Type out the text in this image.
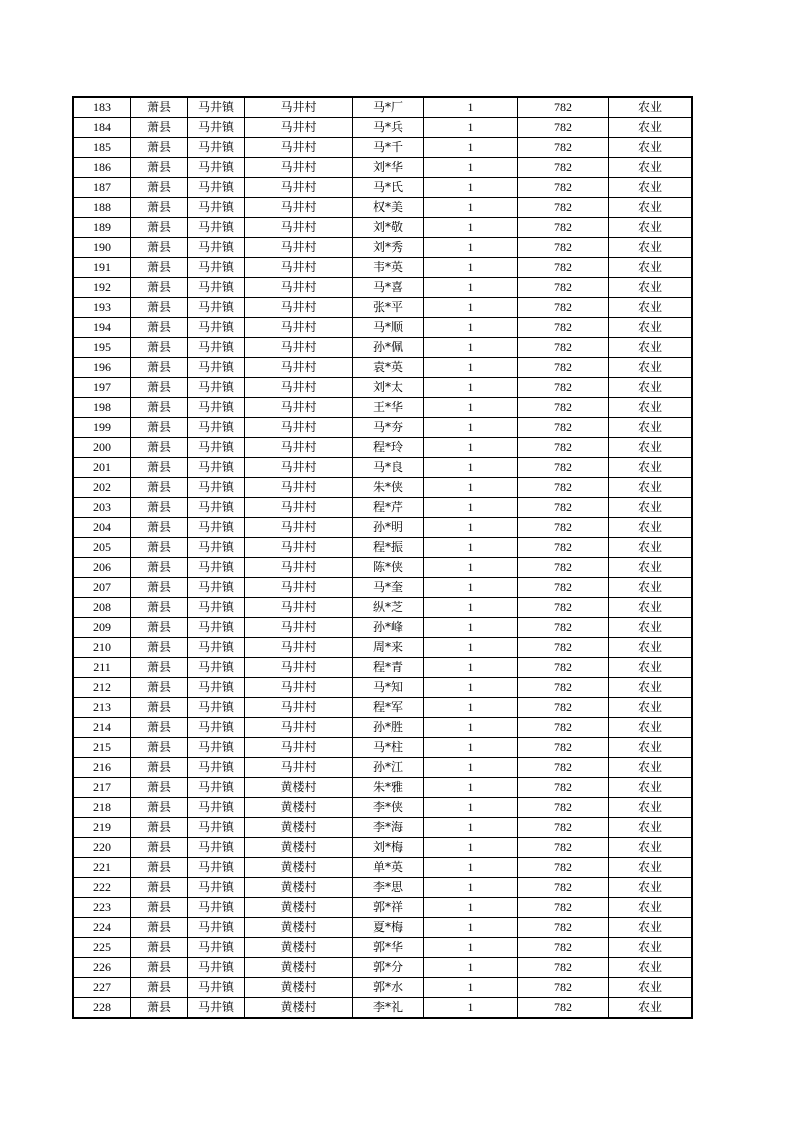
183	萧县	马井镇	马井村	马*厂	1	782	农业
184	萧县	马井镇	马井村	马*兵	1	782	农业
185	萧县	马井镇	马井村	马*千	1	782	农业
186	萧县	马井镇	马井村	刘*华	1	782	农业
187	萧县	马井镇	马井村	马*氏	1	782	农业
188	萧县	马井镇	马井村	权*美	1	782	农业
189	萧县	马井镇	马井村	刘*敬	1	782	农业
190	萧县	马井镇	马井村	刘*秀	1	782	农业
191	萧县	马井镇	马井村	韦*英	1	782	农业
192	萧县	马井镇	马井村	马*喜	1	782	农业
193	萧县	马井镇	马井村	张*平	1	782	农业
194	萧县	马井镇	马井村	马*顺	1	782	农业
195	萧县	马井镇	马井村	孙*佩	1	782	农业
196	萧县	马井镇	马井村	袁*英	1	782	农业
197	萧县	马井镇	马井村	刘*太	1	782	农业
198	萧县	马井镇	马井村	王*华	1	782	农业
199	萧县	马井镇	马井村	马*夯	1	782	农业
200	萧县	马井镇	马井村	程*玲	1	782	农业
201	萧县	马井镇	马井村	马*良	1	782	农业
202	萧县	马井镇	马井村	朱*侠	1	782	农业
203	萧县	马井镇	马井村	程*芹	1	782	农业
204	萧县	马井镇	马井村	孙*明	1	782	农业
205	萧县	马井镇	马井村	程*振	1	782	农业
206	萧县	马井镇	马井村	陈*侠	1	782	农业
207	萧县	马井镇	马井村	马*奎	1	782	农业
208	萧县	马井镇	马井村	纵*芝	1	782	农业
209	萧县	马井镇	马井村	孙*峰	1	782	农业
210	萧县	马井镇	马井村	周*来	1	782	农业
211	萧县	马井镇	马井村	程*青	1	782	农业
212	萧县	马井镇	马井村	马*知	1	782	农业
213	萧县	马井镇	马井村	程*军	1	782	农业
214	萧县	马井镇	马井村	孙*胜	1	782	农业
215	萧县	马井镇	马井村	马*柱	1	782	农业
216	萧县	马井镇	马井村	孙*江	1	782	农业
217	萧县	马井镇	黄楼村	朱*雅	1	782	农业
218	萧县	马井镇	黄楼村	李*侠	1	782	农业
219	萧县	马井镇	黄楼村	李*海	1	782	农业
220	萧县	马井镇	黄楼村	刘*梅	1	782	农业
221	萧县	马井镇	黄楼村	单*英	1	782	农业
222	萧县	马井镇	黄楼村	李*思	1	782	农业
223	萧县	马井镇	黄楼村	郭*祥	1	782	农业
224	萧县	马井镇	黄楼村	夏*梅	1	782	农业
225	萧县	马井镇	黄楼村	郭*华	1	782	农业
226	萧县	马井镇	黄楼村	郭*分	1	782	农业
227	萧县	马井镇	黄楼村	郭*水	1	782	农业
228	萧县	马井镇	黄楼村	李*礼	1	782	农业
